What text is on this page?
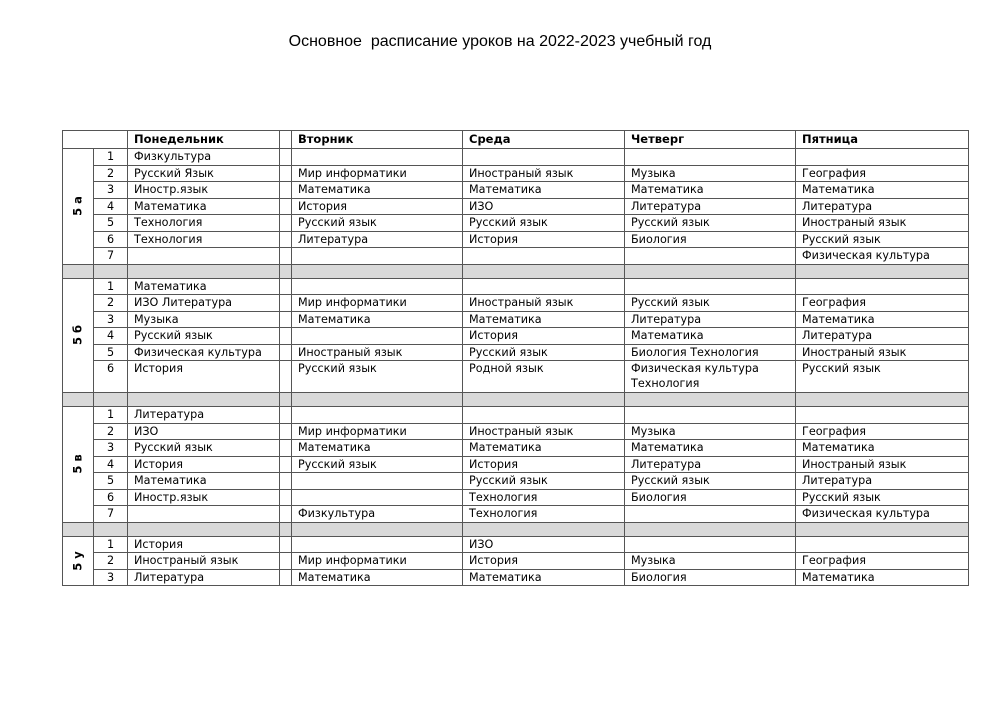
Основное  расписание уроков на 2022-2023 учебный год
		Понедельник		Вторник	Среда	Четверг	Пятница

5 а	1	Физкультура					
	2	Русский Язык		Мир информатики	Иностраный язык	Музыка	География
	3	Иностр.язык		Математика	Математика	Математика	Математика
	4	Математика		История	ИЗО	Литература	Литература
	5	Технология		Русский язык	Русский язык	Русский язык	Иностраный язык
	6	Технология		Литература	История	Биология	Русский язык
	7						Физическая культура

5 б	1	Математика					
	2	ИЗО Литература		Мир информатики	Иностраный язык	Русский язык	География
	3	Музыка		Математика	Математика	Литература	Математика
	4	Русский язык			История	Математика	Литература
	5	Физическая культура		Иностраный язык	Русский язык	Биология Технология	Иностраный язык
	6	История		Русский язык	Родной язык	Физическая культура Технология	Русский язык

5 в	1	Литература					
	2	ИЗО		Мир информатики	Иностраный язык	Музыка	География
	3	Русский язык		Математика	Математика	Математика	Математика
	4	История		Русский язык	История	Литература	Иностраный язык
	5	Математика			Русский язык	Русский язык	Литература
	6	Иностр.язык			Технология	Биология	Русский язык
	7			Физкультура	Технология		Физическая культура

5 у	1	История			ИЗО		
	2	Иностраный язык		Мир информатики	История	Музыка	География
	3	Литература		Математика	Математика	Биология	Математика
